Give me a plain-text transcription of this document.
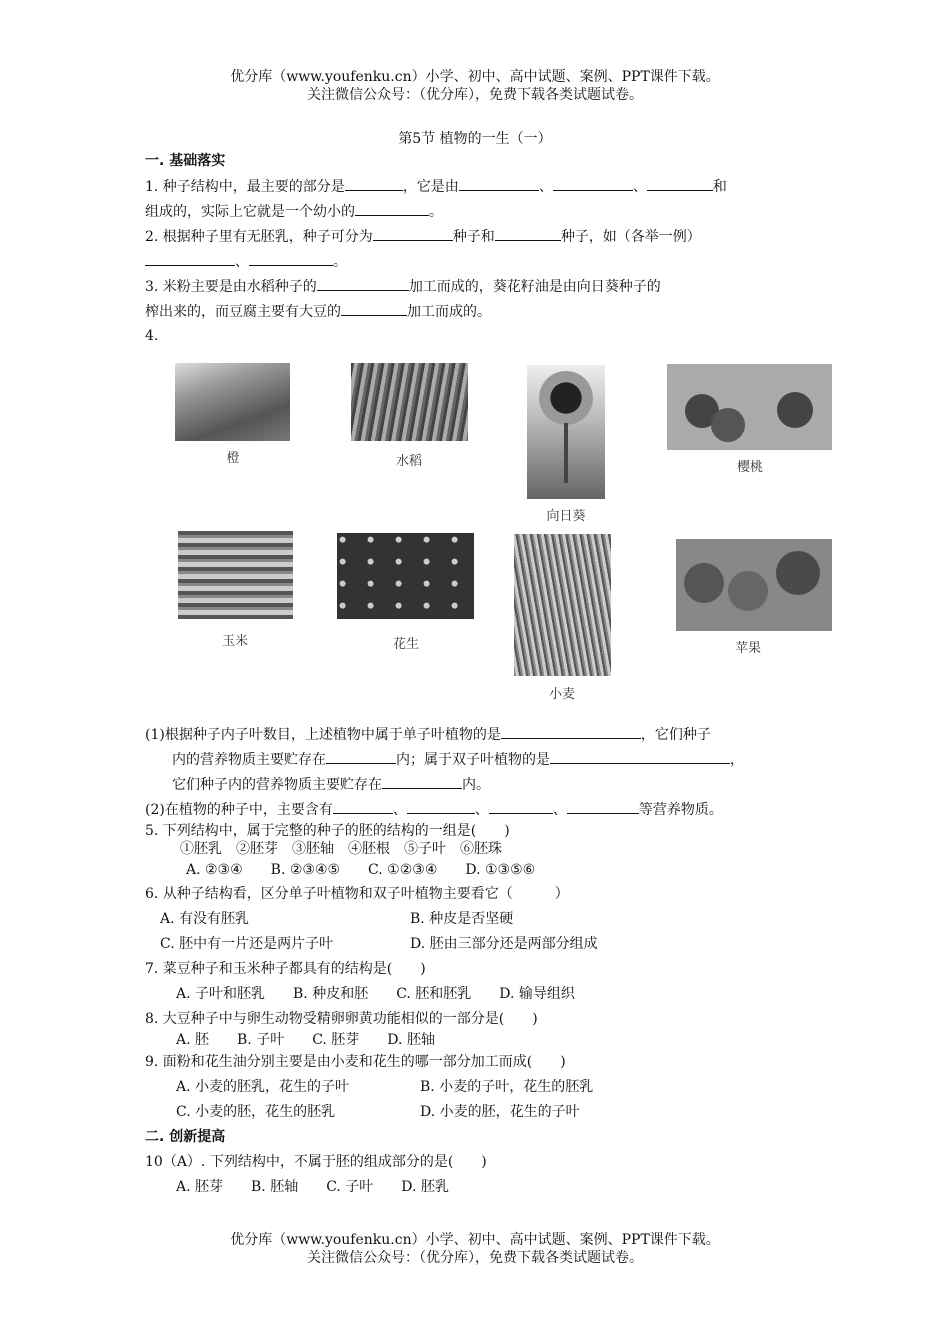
优分库（www.youfenku.cn）小学、初中、高中试题、案例、PPT课件下载。
关注微信公众号：（优分库），免费下载各类试题试卷。
第5节 植物的一生（一）
一. 基础落实
1. 种子结构中，最主要的部分是	，它是由	、	、	和
组成的，实际上它就是一个幼小的	。
2. 根据种子里有无胚乳，种子可分为	种子和	种子，如（各举一例）
、	。
3. 米粉主要是由水稻种子的	加工而成的，葵花籽油是由向日葵种子的
榨出来的，而豆腐主要有大豆的	加工而成的。
4.
橙	水稻
向日葵
樱桃
玉米	花生
小麦
苹果
(1)根据种子内子叶数目，上述植物中属于单子叶植物的是	，它们种子
内的营养物质主要贮存在	内；属于双子叶植物的是	，
它们种子内的营养物质主要贮存在	内。
(2)在植物的种子中，主要含有	、	、	、	等营养物质。
5. 下列结构中，属于完整的种子的胚的结构的一组是(　　)
①胚乳　②胚芽　③胚轴　④胚根　⑤子叶　⑥胚珠
A. ②③④　　B. ②③④⑤　　C. ①②③④　　D. ①③⑤⑥
6. 从种子结构看，区分单子叶植物和双子叶植物主要看它（　　　）
A. 有没有胚乳	B. 种皮是否坚硬
C. 胚中有一片还是两片子叶	D. 胚由三部分还是两部分组成
7. 菜豆种子和玉米种子都具有的结构是(　　)
A. 子叶和胚乳　　B. 种皮和胚　　C. 胚和胚乳　　D. 输导组织
8. 大豆种子中与卵生动物受精卵卵黄功能相似的一部分是(　　)
A. 胚　　B. 子叶　　C. 胚芽　　D. 胚轴
9. 面粉和花生油分别主要是由小麦和花生的哪一部分加工而成(　　)
A. 小麦的胚乳，花生的子叶	B. 小麦的子叶，花生的胚乳
C. 小麦的胚，花生的胚乳	D. 小麦的胚，花生的子叶
二. 创新提高
10（A）. 下列结构中，不属于胚的组成部分的是(　　)
A. 胚芽　　B. 胚轴　　C. 子叶　　D. 胚乳
优分库（www.youfenku.cn）小学、初中、高中试题、案例、PPT课件下载。
关注微信公众号：（优分库），免费下载各类试题试卷。
